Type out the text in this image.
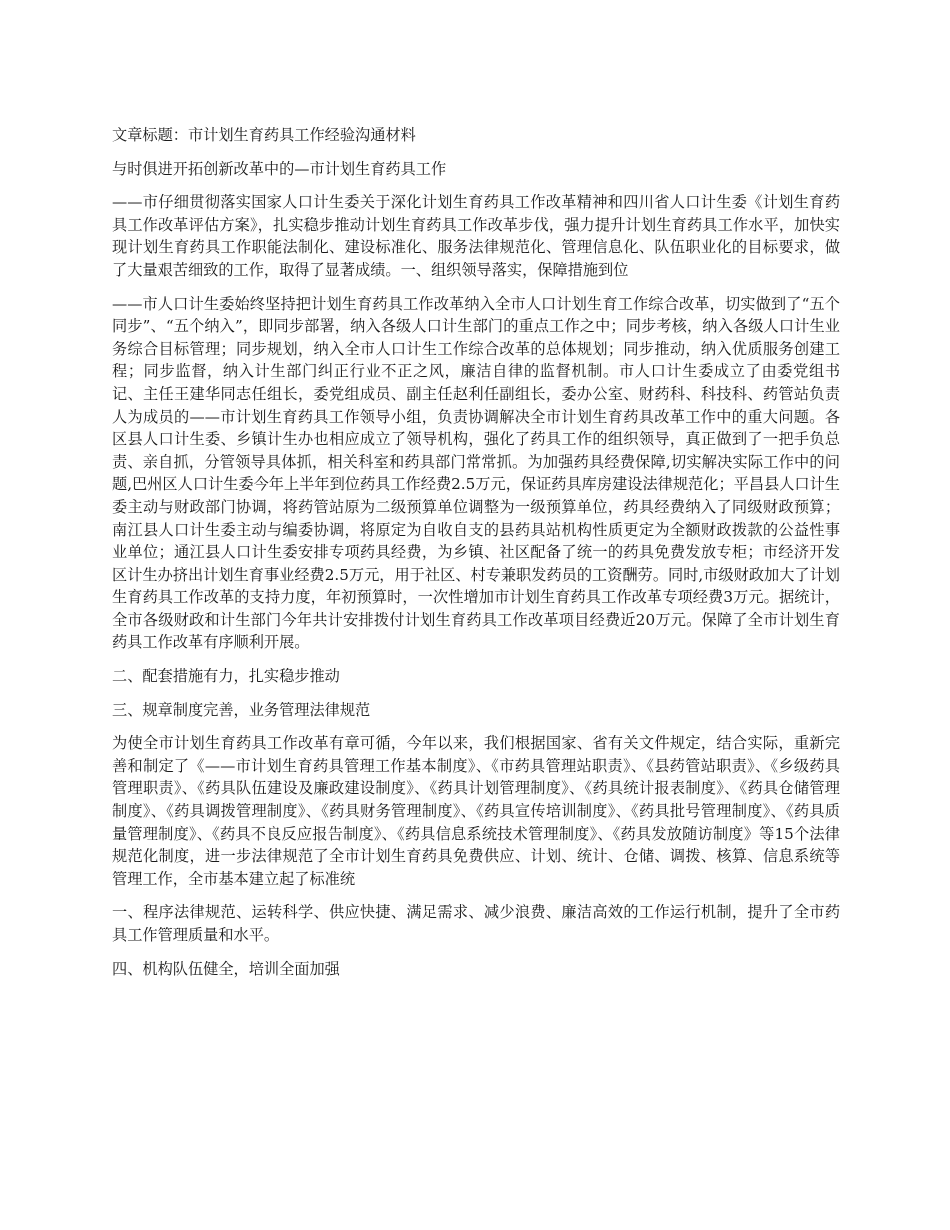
文章标题：市计划生育药具工作经验沟通材料

与时俱进开拓创新改革中的—市计划生育药具工作

——市仔细贯彻落实国家人口计生委关于深化计划生育药具工作改革精神和四川省人口计生委《计划生育药具工作改革评估方案》，扎实稳步推动计划生育药具工作改革步伐，强力提升计划生育药具工作水平，加快实现计划生育药具工作职能法制化、建设标准化、服务法律规范化、管理信息化、队伍职业化的目标要求，做了大量艰苦细致的工作，取得了显著成绩。一、组织领导落实，保障措施到位

——市人口计生委始终坚持把计划生育药具工作改革纳入全市人口计划生育工作综合改革，切实做到了“五个同步”、“五个纳入”，即同步部署，纳入各级人口计生部门的重点工作之中；同步考核，纳入各级人口计生业务综合目标管理；同步规划，纳入全市人口计生工作综合改革的总体规划；同步推动，纳入优质服务创建工程；同步监督，纳入计生部门纠正行业不正之风，廉洁自律的监督机制。市人口计生委成立了由委党组书记、主任王建华同志任组长，委党组成员、副主任赵利任副组长，委办公室、财药科、科技科、药管站负责人为成员的——市计划生育药具工作领导小组，负责协调解决全市计划生育药具改革工作中的重大问题。各区县人口计生委、乡镇计生办也相应成立了领导机构，强化了药具工作的组织领导，真正做到了一把手负总责、亲自抓，分管领导具体抓，相关科室和药具部门常常抓。为加强药具经费保障,切实解决实际工作中的问题,巴州区人口计生委今年上半年到位药具工作经费2.5万元，保证药具库房建设法律规范化；平昌县人口计生委主动与财政部门协调，将药管站原为二级预算单位调整为一级预算单位，药具经费纳入了同级财政预算；南江县人口计生委主动与编委协调，将原定为自收自支的县药具站机构性质更定为全额财政拨款的公益性事业单位；通江县人口计生委安排专项药具经费，为乡镇、社区配备了统一的药具免费发放专柜；市经济开发区计生办挤出计划生育事业经费2.5万元，用于社区、村专兼职发药员的工资酬劳。同时,市级财政加大了计划生育药具工作改革的支持力度，年初预算时，一次性增加市计划生育药具工作改革专项经费3万元。据统计，全市各级财政和计生部门今年共计安排拨付计划生育药具工作改革项目经费近20万元。保障了全市计划生育药具工作改革有序顺利开展。

二、配套措施有力，扎实稳步推动

三、规章制度完善，业务管理法律规范

为使全市计划生育药具工作改革有章可循，今年以来，我们根据国家、省有关文件规定，结合实际，重新完善和制定了《——市计划生育药具管理工作基本制度》、《市药具管理站职责》、《县药管站职责》、《乡级药具管理职责》、《药具队伍建设及廉政建设制度》、《药具计划管理制度》、《药具统计报表制度》、《药具仓储管理制度》、《药具调拨管理制度》、《药具财务管理制度》、《药具宣传培训制度》、《药具批号管理制度》、《药具质量管理制度》、《药具不良反应报告制度》、《药具信息系统技术管理制度》、《药具发放随访制度》等15个法律规范化制度，进一步法律规范了全市计划生育药具免费供应、计划、统计、仓储、调拨、核算、信息系统等管理工作，全市基本建立起了标准统

一、程序法律规范、运转科学、供应快捷、满足需求、减少浪费、廉洁高效的工作运行机制，提升了全市药具工作管理质量和水平。

四、机构队伍健全，培训全面加强
